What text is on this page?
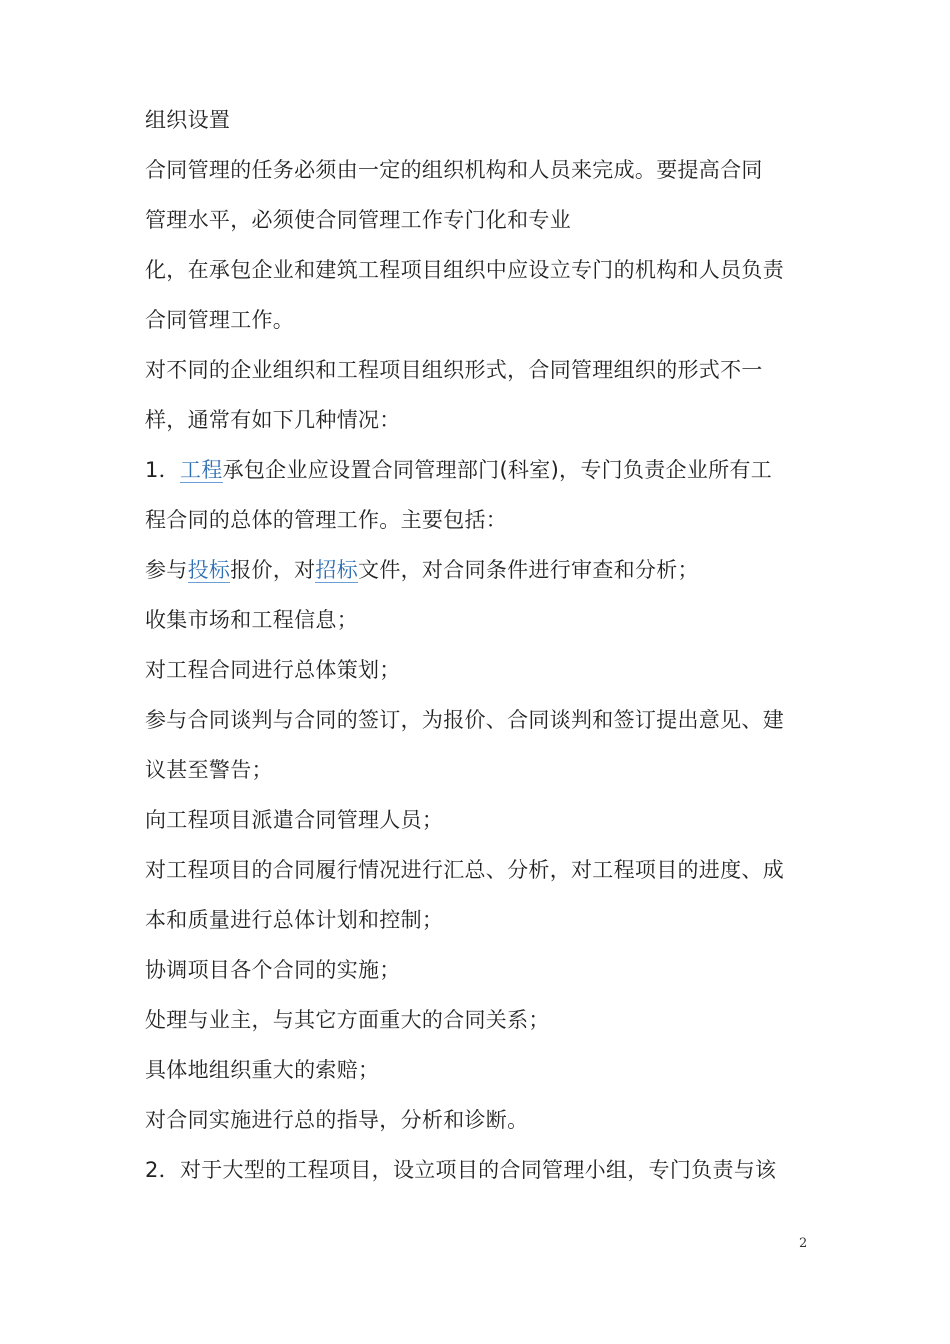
组织设置
合同管理的任务必须由一定的组织机构和人员来完成。要提高合同
管理水平，必须使合同管理工作专门化和专业
化，在承包企业和建筑工程项目组织中应设立专门的机构和人员负责
合同管理工作。
对不同的企业组织和工程项目组织形式，合同管理组织的形式不一
样，通常有如下几种情况：
1．工程承包企业应设置合同管理部门(科室)，专门负责企业所有工
程合同的总体的管理工作。主要包括：
参与投标报价，对招标文件，对合同条件进行审查和分析；
收集市场和工程信息；
对工程合同进行总体策划；
参与合同谈判与合同的签订，为报价、合同谈判和签订提出意见、建
议甚至警告；
向工程项目派遣合同管理人员；
对工程项目的合同履行情况进行汇总、分析，对工程项目的进度、成
本和质量进行总体计划和控制；
协调项目各个合同的实施；
处理与业主，与其它方面重大的合同关系；
具体地组织重大的索赔；
对合同实施进行总的指导，分析和诊断。
2．对于大型的工程项目，设立项目的合同管理小组，专门负责与该
2
